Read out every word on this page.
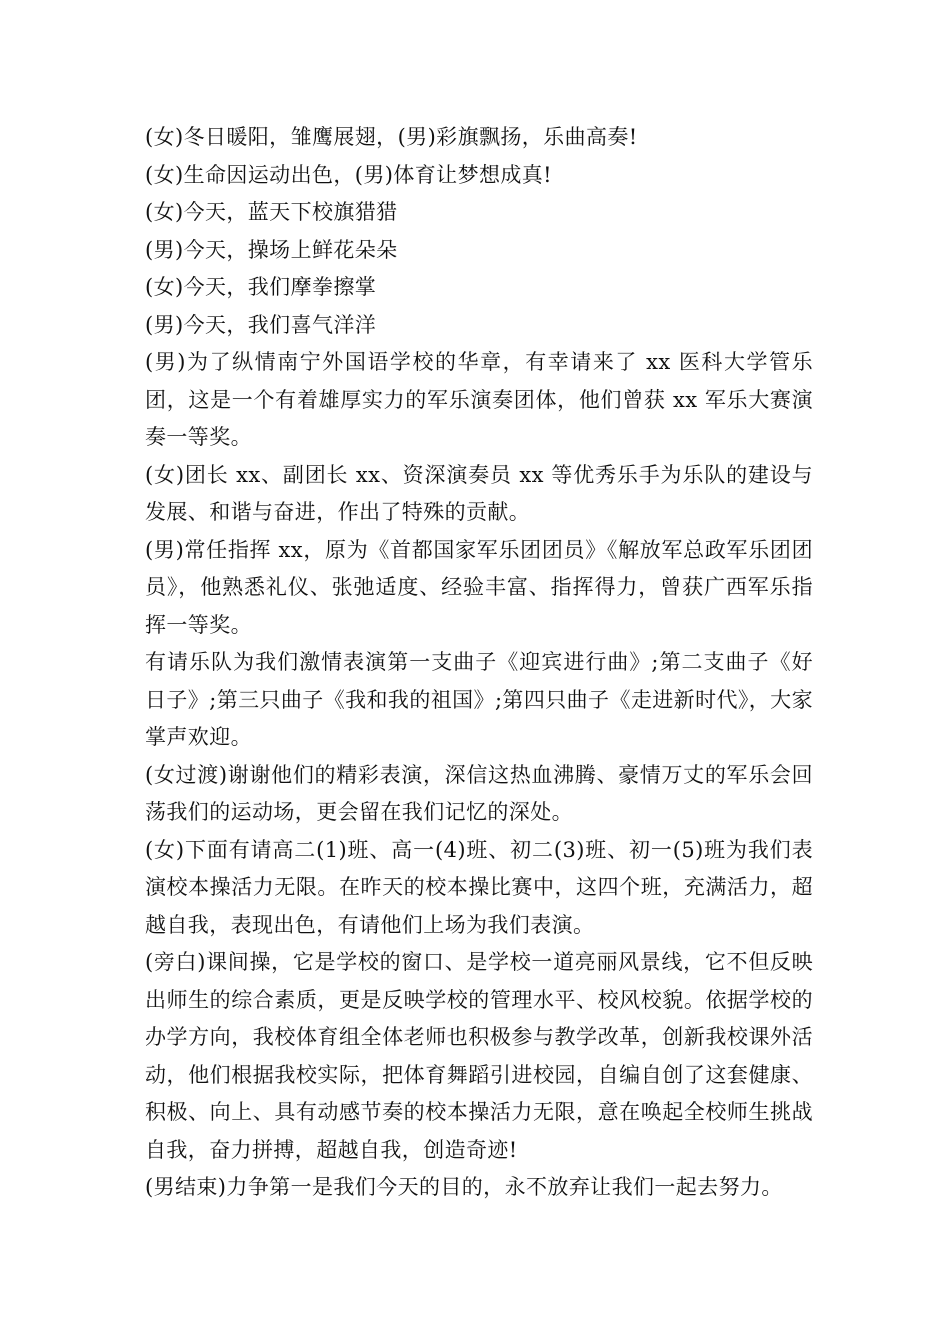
(女)冬日暖阳，雏鹰展翅，(男)彩旗飘扬，乐曲高奏!

(女)生命因运动出色，(男)体育让梦想成真!

(女)今天，蓝天下校旗猎猎

(男)今天，操场上鲜花朵朵

(女)今天，我们摩拳擦掌

(男)今天，我们喜气洋洋

(男)为了纵情南宁外国语学校的华章，有幸请来了 xx 医科大学管乐团，这是一个有着雄厚实力的军乐演奏团体，他们曾获 xx 军乐大赛演奏一等奖。

(女)团长 xx、副团长 xx、资深演奏员 xx 等优秀乐手为乐队的建设与发展、和谐与奋进，作出了特殊的贡献。

(男)常任指挥 xx，原为《首都国家军乐团团员》《解放军总政军乐团团员》，他熟悉礼仪、张弛适度、经验丰富、指挥得力，曾获广西军乐指挥一等奖。

有请乐队为我们激情表演第一支曲子《迎宾进行曲》;第二支曲子《好日子》;第三只曲子《我和我的祖国》;第四只曲子《走进新时代》，大家掌声欢迎。

(女过渡)谢谢他们的精彩表演，深信这热血沸腾、豪情万丈的军乐会回荡我们的运动场，更会留在我们记忆的深处。

(女)下面有请高二(1)班、高一(4)班、初二(3)班、初一(5)班为我们表演校本操活力无限。在昨天的校本操比赛中，这四个班，充满活力，超越自我，表现出色，有请他们上场为我们表演。

(旁白)课间操，它是学校的窗口、是学校一道亮丽风景线，它不但反映出师生的综合素质，更是反映学校的管理水平、校风校貌。依据学校的办学方向，我校体育组全体老师也积极参与教学改革，创新我校课外活动，他们根据我校实际，把体育舞蹈引进校园，自编自创了这套健康、积极、向上、具有动感节奏的校本操活力无限，意在唤起全校师生挑战自我，奋力拼搏，超越自我，创造奇迹!

(男结束)力争第一是我们今天的目的，永不放弃让我们一起去努力。
